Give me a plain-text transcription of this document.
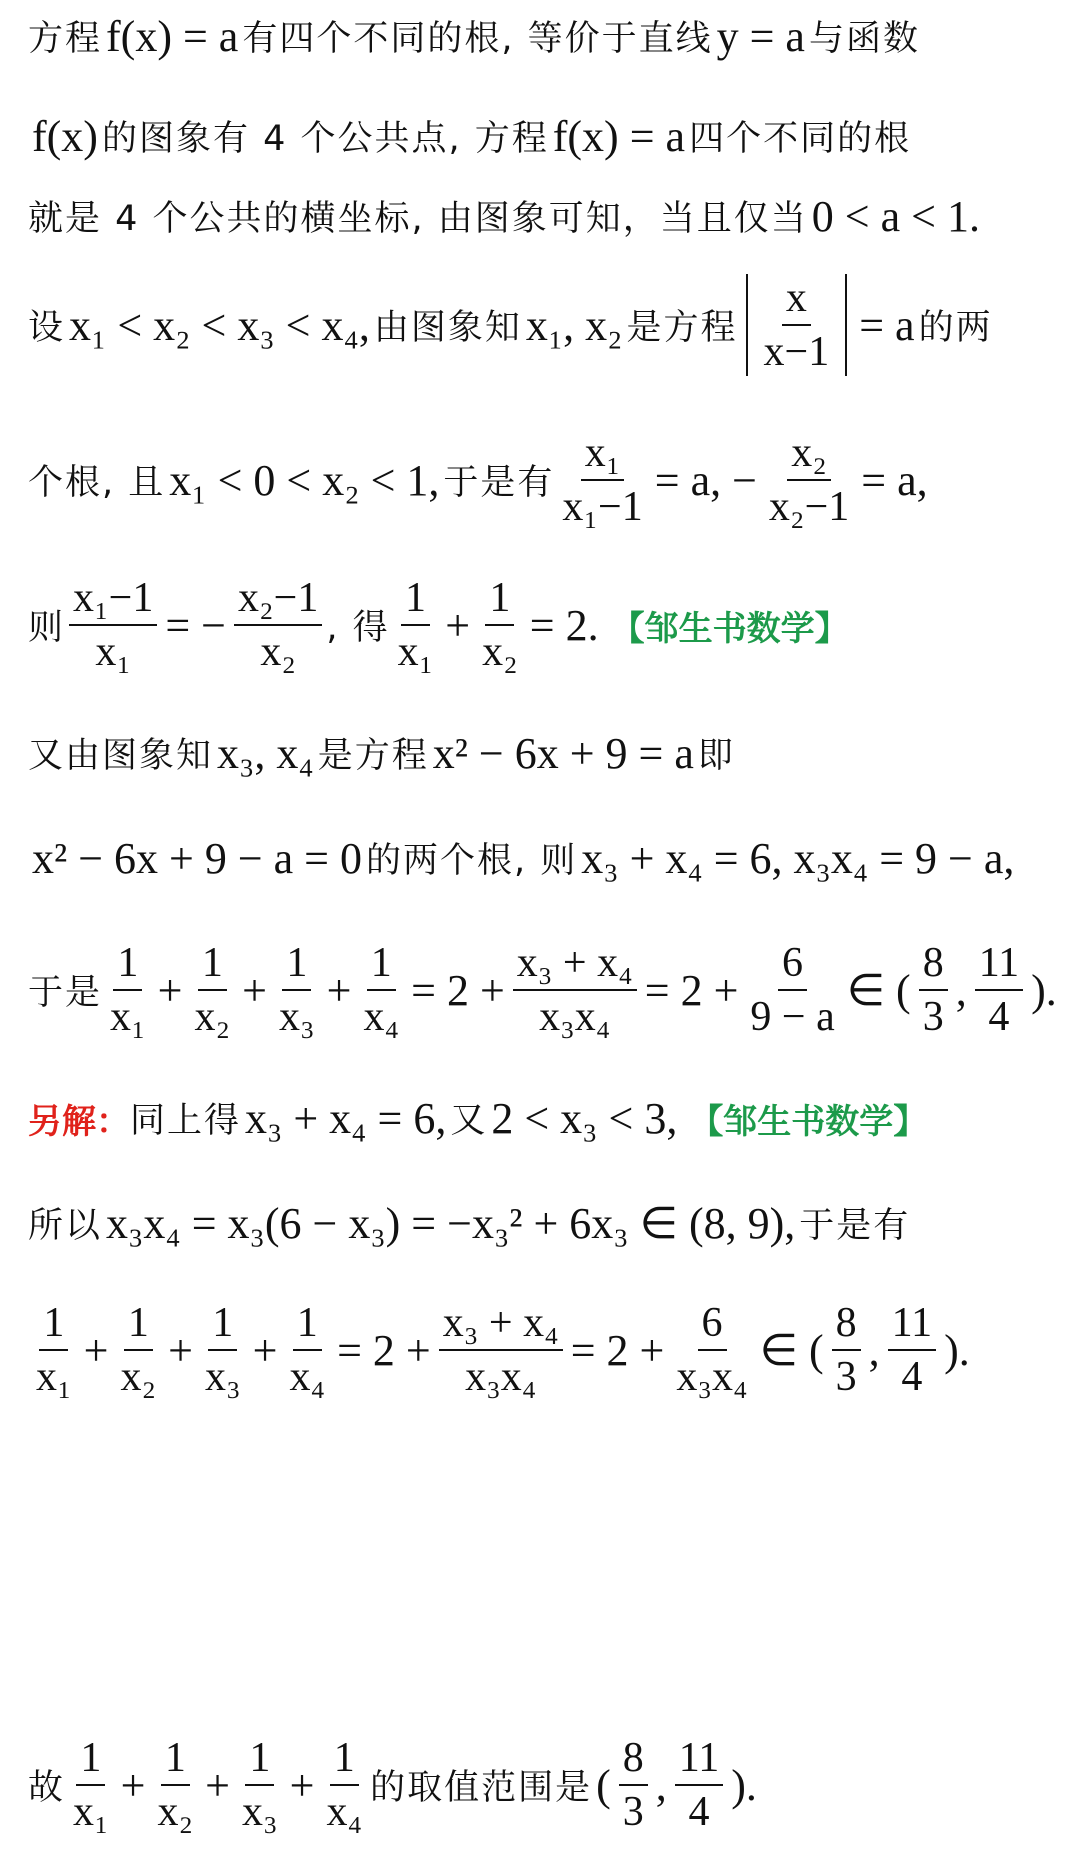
方程 f(x) = a 有四个不同的根, 等价于直线 y = a 与函数
f(x) 的图象有 4 个公共点, 方程 f(x) = a 四个不同的根
就是 4 个公共的横坐标, 由图象可知，当且仅当 0 < a < 1.
设 x₁ < x₂ < x₃ < x₄, 由图象知 x₁, x₂ 是方程 $\frac{x}{x-1} = a$ 的两
个根, 且 x₁ < 0 < x₂ < 1, 于是有 $\frac{\text{x₁}}{\text{x₁−1}} = a$, − $\frac{\text{x₂}}{\text{x₂−1}} = a$,
则 $\frac{\text{x₁−1}}{\text{x₁}}$ = − $\frac{\text{x₂−1}}{\text{x₂}}$ , 得 $\frac{1}{\text{x₁}} + \frac{1}{\text{x₂}} = 2$. 【邹生书数学】
又由图象知 x₃, x₄ 是方程 x² − 6x + 9 = a 即
x² − 6x + 9 − a = 0 的两个根, 则 x₃ + x₄ = 6, x₃x₄ = 9 − a,
于是 $\frac{1}{\text{x₁}} + \frac{1}{\text{x₂}} + \frac{1}{\text{x₃}} + \frac{1}{\text{x₄}} = 2 + \frac{\text{x₃ + x₄}}{\text{x₃x₄}} = 2 + \frac{6}{9 - a}$ ∈ ( $\frac{8}{3}$ , $\frac{11}{4}$ ).
另解： 同上得 x₃ + x₄ = 6, 又 2 < x₃ < 3, 【邹生书数学】
所以 x₃x₄ = x₃(6 − x₃) = −x₃² + 6x₃ ∈ (8, 9), 于是有
$\frac{1}{\text{x₁}} + \frac{1}{\text{x₂}} + \frac{1}{\text{x₃}} + \frac{1}{\text{x₄}} = 2 + \frac{\text{x₃ + x₄}}{\text{x₃x₄}} = 2 + \frac{6}{\text{x₃x₄}}$ ∈ ( $\frac{8}{3}$ , $\frac{11}{4}$ ).
故 $\frac{1}{\text{x₁}} + \frac{1}{\text{x₂}} + \frac{1}{\text{x₃}} + \frac{1}{\text{x₄}}$ 的取值范围是 ( $\frac{8}{3}$ , $\frac{11}{4}$ ).
